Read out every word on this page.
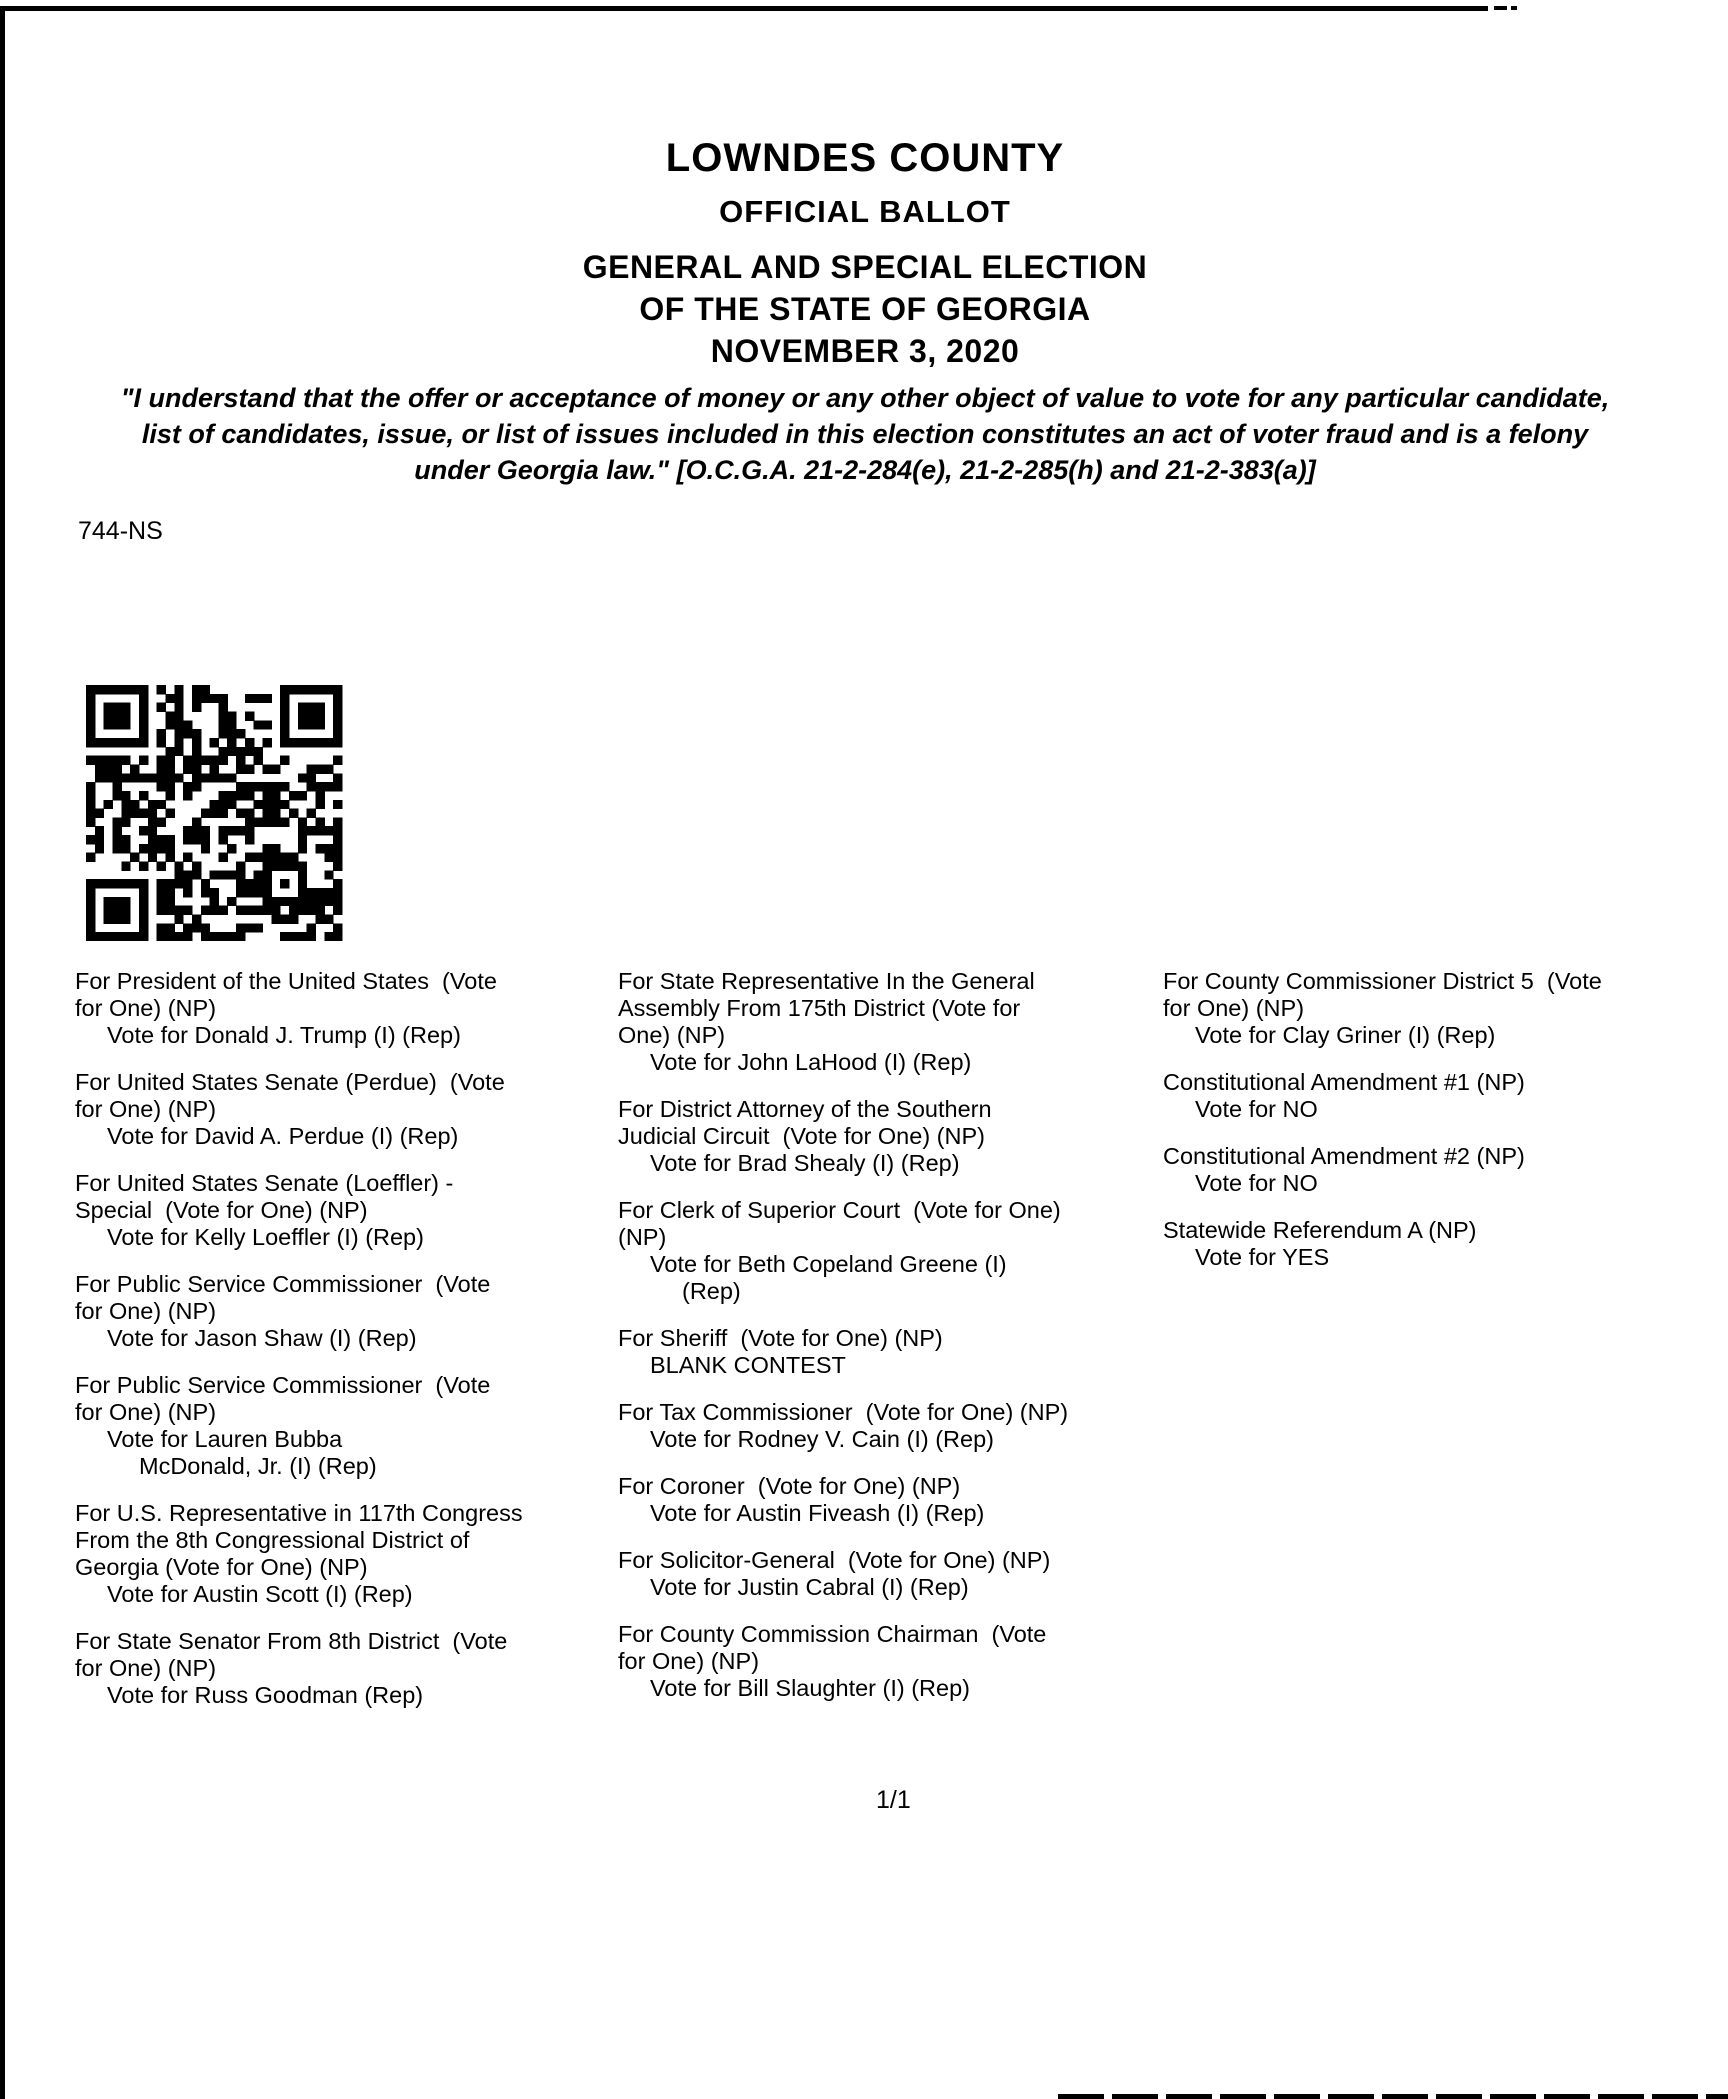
LOWNDES COUNTY
OFFICIAL BALLOT
GENERAL AND SPECIAL ELECTION
OF THE STATE OF GEORGIA
NOVEMBER 3, 2020
"I understand that the offer or acceptance of money or any other object of value to vote for any particular candidate,
list of candidates, issue, or list of issues included in this election constitutes an act of voter fraud and is a felony
under Georgia law." [O.C.G.A. 21-2-284(e), 21-2-285(h) and 21-2-383(a)]
744-NS
For President of the United States  (Vote
for One) (NP)
Vote for Donald J. Trump (I) (Rep)
For United States Senate (Perdue)  (Vote
for One) (NP)
Vote for David A. Perdue (I) (Rep)
For United States Senate (Loeffler) -
Special  (Vote for One) (NP)
Vote for Kelly Loeffler (I) (Rep)
For Public Service Commissioner  (Vote
for One) (NP)
Vote for Jason Shaw (I) (Rep)
For Public Service Commissioner  (Vote
for One) (NP)
Vote for Lauren Bubba
McDonald, Jr. (I) (Rep)
For U.S. Representative in 117th Congress
From the 8th Congressional District of
Georgia (Vote for One) (NP)
Vote for Austin Scott (I) (Rep)
For State Senator From 8th District  (Vote
for One) (NP)
Vote for Russ Goodman (Rep)
For State Representative In the General
Assembly From 175th District (Vote for
One) (NP)
Vote for John LaHood (I) (Rep)
For District Attorney of the Southern
Judicial Circuit  (Vote for One) (NP)
Vote for Brad Shealy (I) (Rep)
For Clerk of Superior Court  (Vote for One)
(NP)
Vote for Beth Copeland Greene (I)
(Rep)
For Sheriff  (Vote for One) (NP)
BLANK CONTEST
For Tax Commissioner  (Vote for One) (NP)
Vote for Rodney V. Cain (I) (Rep)
For Coroner  (Vote for One) (NP)
Vote for Austin Fiveash (I) (Rep)
For Solicitor-General  (Vote for One) (NP)
Vote for Justin Cabral (I) (Rep)
For County Commission Chairman  (Vote
for One) (NP)
Vote for Bill Slaughter (I) (Rep)
For County Commissioner District 5  (Vote
for One) (NP)
Vote for Clay Griner (I) (Rep)
Constitutional Amendment #1 (NP)
Vote for NO
Constitutional Amendment #2 (NP)
Vote for NO
Statewide Referendum A (NP)
Vote for YES
1/1
